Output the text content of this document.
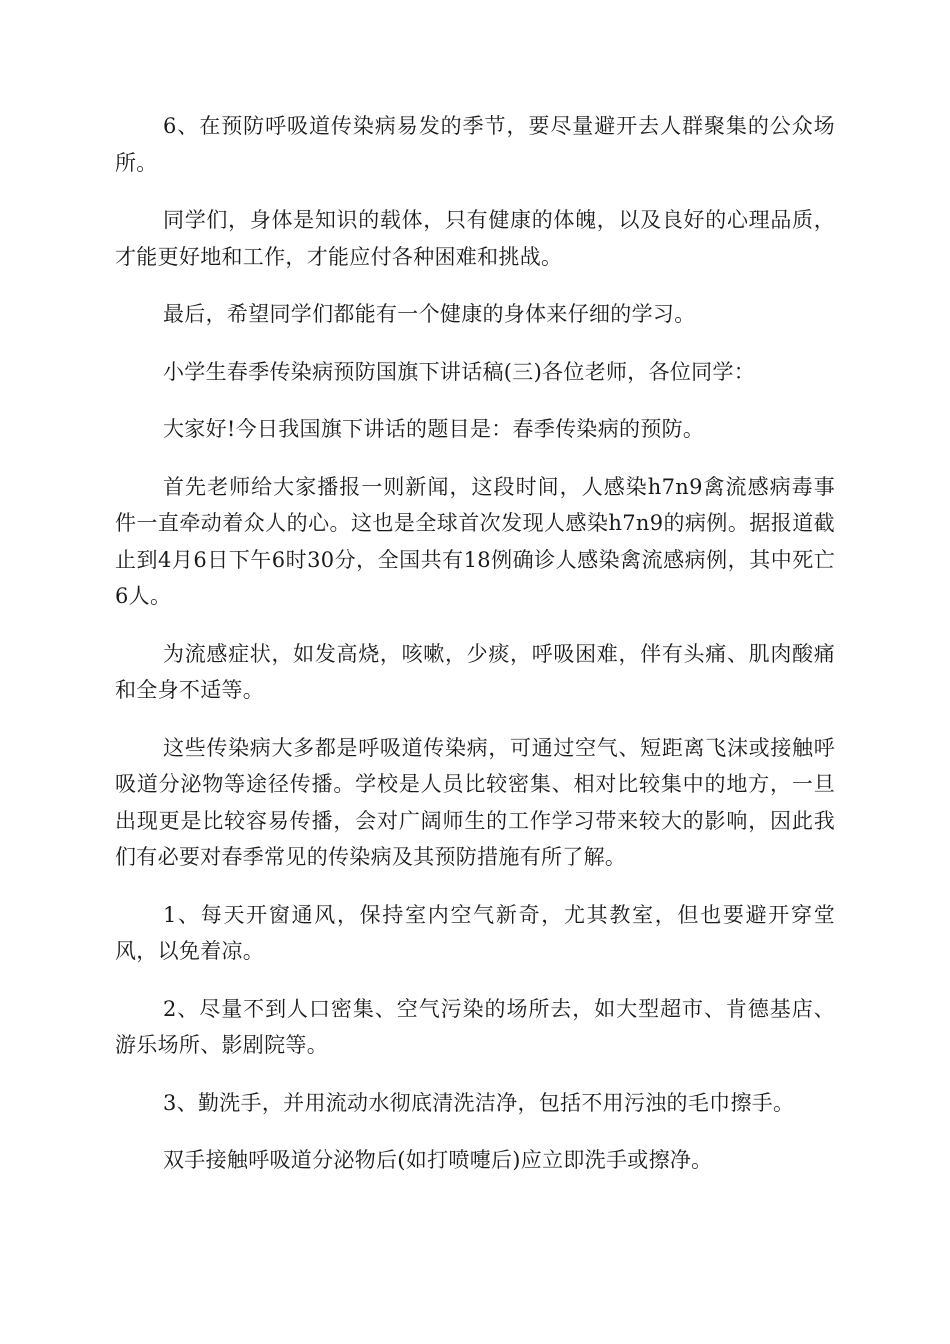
6、在预防呼吸道传染病易发的季节，要尽量避开去人群聚集的公众场所。

同学们，身体是知识的载体，只有健康的体魄，以及良好的心理品质，才能更好地和工作，才能应付各种困难和挑战。

最后，希望同学们都能有一个健康的身体来仔细的学习。

小学生春季传染病预防国旗下讲话稿(三)各位老师，各位同学：

大家好!今日我国旗下讲话的题目是：春季传染病的预防。

首先老师给大家播报一则新闻，这段时间，人感染h7n9禽流感病毒事件一直牵动着众人的心。这也是全球首次发现人感染h7n9的病例。据报道截止到4月6日下午6时30分，全国共有18例确诊人感染禽流感病例，其中死亡6人。

为流感症状，如发高烧，咳嗽，少痰，呼吸困难，伴有头痛、肌肉酸痛和全身不适等。

这些传染病大多都是呼吸道传染病，可通过空气、短距离飞沫或接触呼吸道分泌物等途径传播。学校是人员比较密集、相对比较集中的地方，一旦出现更是比较容易传播，会对广阔师生的工作学习带来较大的影响，因此我们有必要对春季常见的传染病及其预防措施有所了解。

1、每天开窗通风，保持室内空气新奇，尤其教室，但也要避开穿堂风，以免着凉。

2、尽量不到人口密集、空气污染的场所去，如大型超市、肯德基店、游乐场所、影剧院等。

3、勤洗手，并用流动水彻底清洗洁净，包括不用污浊的毛巾擦手。

双手接触呼吸道分泌物后(如打喷嚏后)应立即洗手或擦净。
